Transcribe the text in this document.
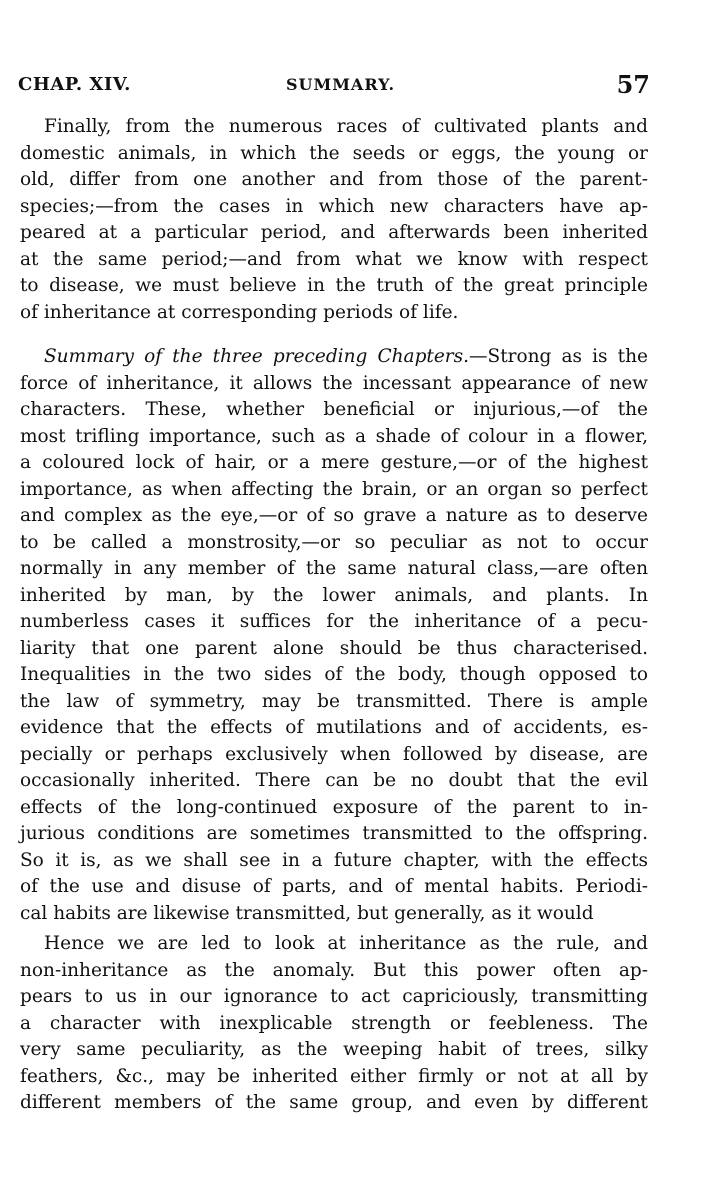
CHAP. XIV.	SUMMARY.	57

Finally, from the numerous races of cultivated plants and
domestic animals, in which the seeds or eggs, the young or
old, differ from one another and from those of the parent-
species;—from the cases in which new characters have ap-
peared at a particular period, and afterwards been inherited
at the same period;—and from what we know with respect
to disease, we must believe in the truth of the great principle
of inheritance at corresponding periods of life.

Summary of the three preceding Chapters.—Strong as is the
force of inheritance, it allows the incessant appearance of new
characters. These, whether beneficial or injurious,—of the
most trifling importance, such as a shade of colour in a flower,
a coloured lock of hair, or a mere gesture,—or of the highest
importance, as when affecting the brain, or an organ so perfect
and complex as the eye,—or of so grave a nature as to deserve
to be called a monstrosity,—or so peculiar as not to occur
normally in any member of the same natural class,—are often
inherited by man, by the lower animals, and plants. In
numberless cases it suffices for the inheritance of a pecu-
liarity that one parent alone should be thus characterised.
Inequalities in the two sides of the body, though opposed to
the law of symmetry, may be transmitted. There is ample
evidence that the effects of mutilations and of accidents, es-
pecially or perhaps exclusively when followed by disease, are
occasionally inherited. There can be no doubt that the evil
effects of the long-continued exposure of the parent to in-
jurious conditions are sometimes transmitted to the offspring.
So it is, as we shall see in a future chapter, with the effects
of the use and disuse of parts, and of mental habits. Periodi-
cal habits are likewise transmitted, but generally, as it would

Hence we are led to look at inheritance as the rule, and
non-inheritance as the anomaly. But this power often ap-
pears to us in our ignorance to act capriciously, transmitting
a character with inexplicable strength or feebleness. The
very same peculiarity, as the weeping habit of trees, silky
feathers, &c., may be inherited either firmly or not at all by
different members of the same group, and even by different
